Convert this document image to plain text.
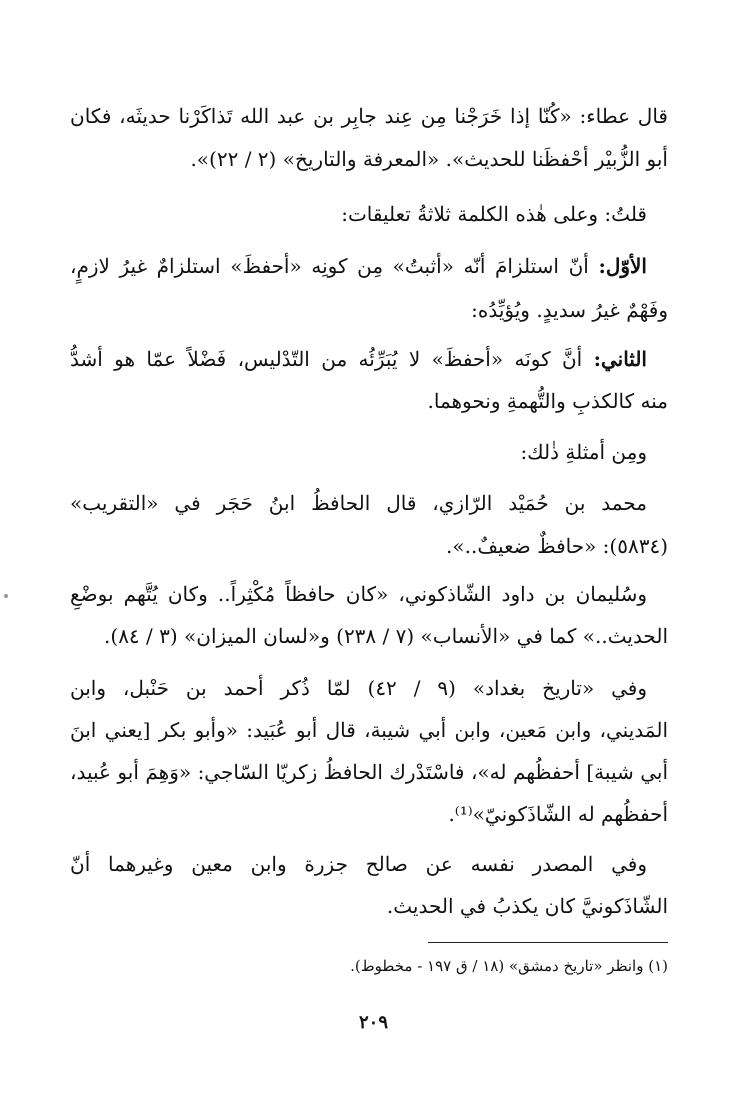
قال عطاء: «كُنّا إذا خَرَجْنا مِن عِند جابِر بن عبد الله تَذاكَرْنا حديثَه، فكان
أبو الزُّبيْر أحْفظَنا للحديث». «المعرفة والتاريخ» (٢ / ٢٢)».
قلتُ: وعلى هٰذه الكلمة ثلاثةُ تعليقات:
الأوّل: أنّ استلزامَ أنّه «أثبتُ» مِن كونِه «أحفظَ» استلزامٌ غيرُ لازمٍ،
وفَهْمٌ غيرُ سديدٍ. ويُؤيِّدُه:
الثاني: أنَّ كونَه «أحفظَ» لا يُبَرِّئُه من التّدْليس، فَضْلاً عمّا هو أشدُّ
منه كالكذبِ والتُّهمةِ ونحوهما.
ومِن أمثلةِ ذٰلك:
محمد بن حُمَيْد الرّازي، قال الحافظُ ابنُ حَجَر في «التقريب»
(٥٨٣٤): «حافظٌ ضعيفٌ..».
وسُليمان بن داود الشّاذكوني، «كان حافظاً مُكْثِراً.. وكان يُتَّهم بوضْعِ
الحديث..» كما في «الأنساب» (٧ / ٢٣٨) و«لسان الميزان» (٣ / ٨٤).
وفي «تاريخ بغداد» (٩ / ٤٢) لمّا ذُكر أحمد بن حَنْبل، وابن
المَديني، وابن مَعين، وابن أبي شيبة، قال أبو عُبَيد: «وأبو بكر [يعني ابنَ
أبي شيبة] أحفظُهم له»، فاسْتَدْرك الحافظُ زكريّا السّاجي: «وَهِمَ أبو عُبيد،
أحفظُهم له الشّاذَكونيّ»⁽¹⁾.
وفي المصدر نفسه عن صالح جزرة وابن معين وغيرهما أنّ
الشّاذَكونيَّ كان يكذبُ في الحديث.
(١) وانظر «تاريخ دمشق» (١٨ / ق ١٩٧ - مخطوط).
٢٠٩
